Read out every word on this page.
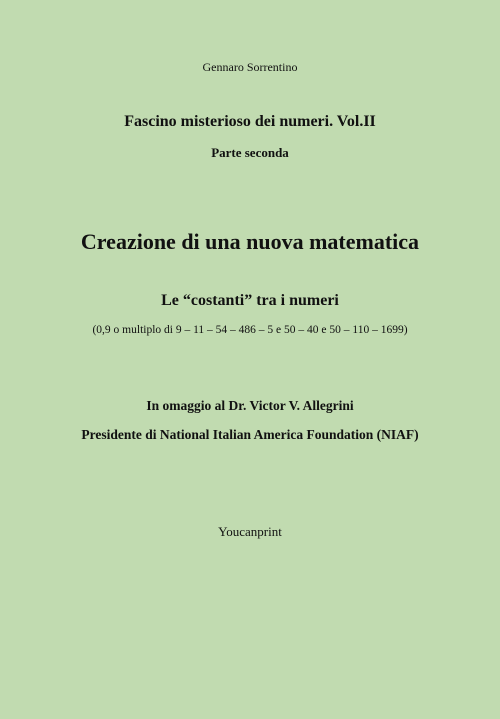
Gennaro Sorrentino
Fascino misterioso dei numeri. Vol.II
Parte seconda
Creazione di una nuova matematica
Le “costanti” tra i numeri
(0,9 o multiplo di 9 – 11 – 54 – 486 – 5 e 50 – 40 e 50 – 110 – 1699)
In omaggio al Dr. Victor V. Allegrini
Presidente di National Italian America Foundation (NIAF)
Youcanprint
